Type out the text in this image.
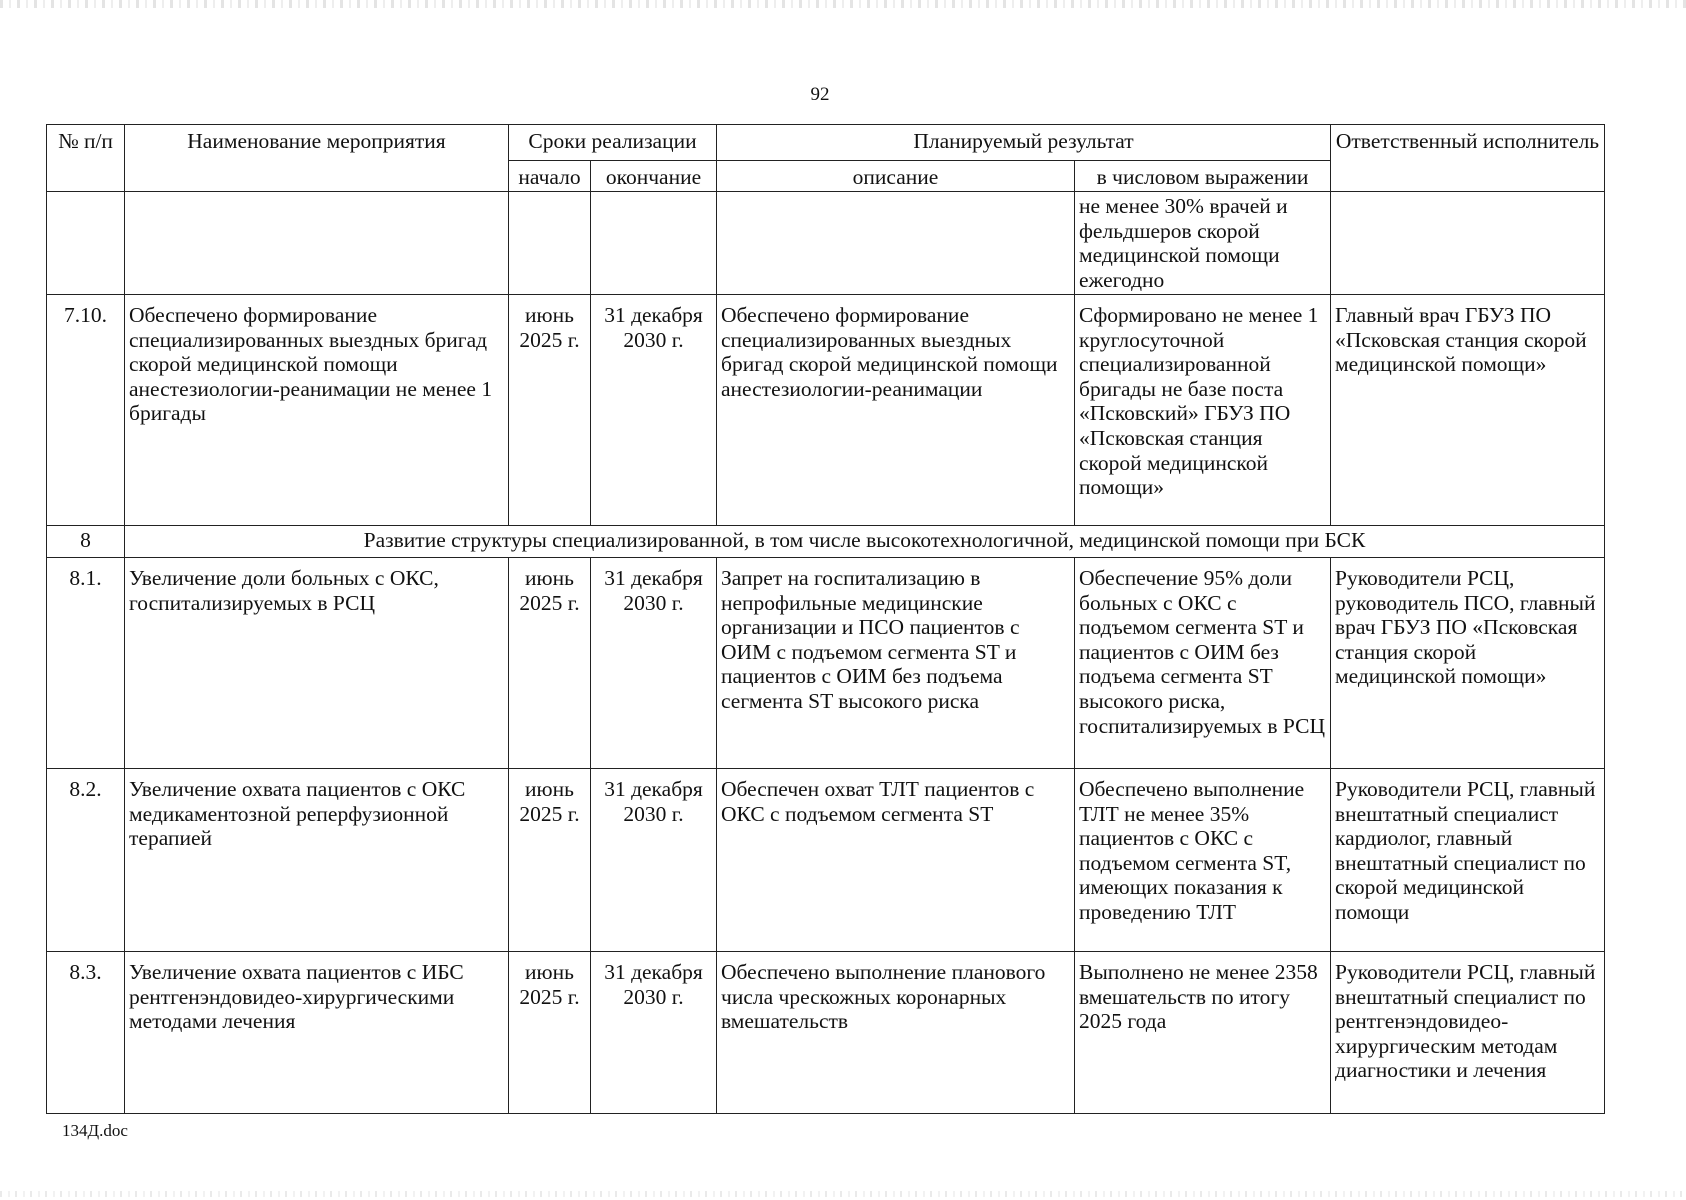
92
№ п/п	Наименование мероприятия	Сроки реализации		Планируемый результат		Ответственный исполнитель
		начало	окончание	описание	в числовом выражении	
					не менее 30% врачей и фельдшеров скорой медицинской помощи ежегодно	
7.10.	Обеспечено формирование специализированных выездных бригад скорой медицинской помощи анестезиологии-реанимации не менее 1 бригады	июнь 2025 г.	31 декабря 2030 г.	Обеспечено формирование специализированных выездных бригад скорой медицинской помощи анестезиологии-реанимации	Сформировано не менее 1 круглосуточной специализированной бригады не базе поста «Псковский» ГБУЗ ПО «Псковская станция скорой медицинской помощи»	Главный врач ГБУЗ ПО «Псковская станция скорой медицинской помощи»
8	Развитие структуры специализированной, в том числе высокотехнологичной, медицинской помощи при БСК					
8.1.	Увеличение доли больных с ОКС, госпитализируемых в РСЦ	июнь 2025 г.	31 декабря 2030 г.	Запрет на госпитализацию в непрофильные медицинские организации и ПСО пациентов с ОИМ с подъемом сегмента ST и пациентов с ОИМ без подъема сегмента ST высокого риска	Обеспечение 95% доли больных с ОКС с подъемом сегмента ST и пациентов с ОИМ без подъема сегмента ST высокого риска, госпитализируемых в РСЦ	Руководители РСЦ, руководитель ПСО, главный врач ГБУЗ ПО «Псковская станция скорой медицинской помощи»
8.2.	Увеличение охвата пациентов с ОКС медикаментозной реперфузионной терапией	июнь 2025 г.	31 декабря 2030 г.	Обеспечен охват ТЛТ пациентов с ОКС с подъемом сегмента ST	Обеспечено выполнение ТЛТ не менее 35% пациентов с ОКС с подъемом сегмента ST, имеющих показания к проведению ТЛТ	Руководители РСЦ, главный внештатный специалист кардиолог, главный внештатный специалист по скорой медицинской помощи
8.3.	Увеличение охвата пациентов с ИБС рентгенэндовидео-хирургическими методами лечения	июнь 2025 г.	31 декабря 2030 г.	Обеспечено выполнение планового числа чрескожных коронарных вмешательств	Выполнено не менее 2358 вмешательств по итогу 2025 года	Руководители РСЦ, главный внештатный специалист по рентгенэндовидео-хирургическим методам диагностики и лечения
134Д.doc
